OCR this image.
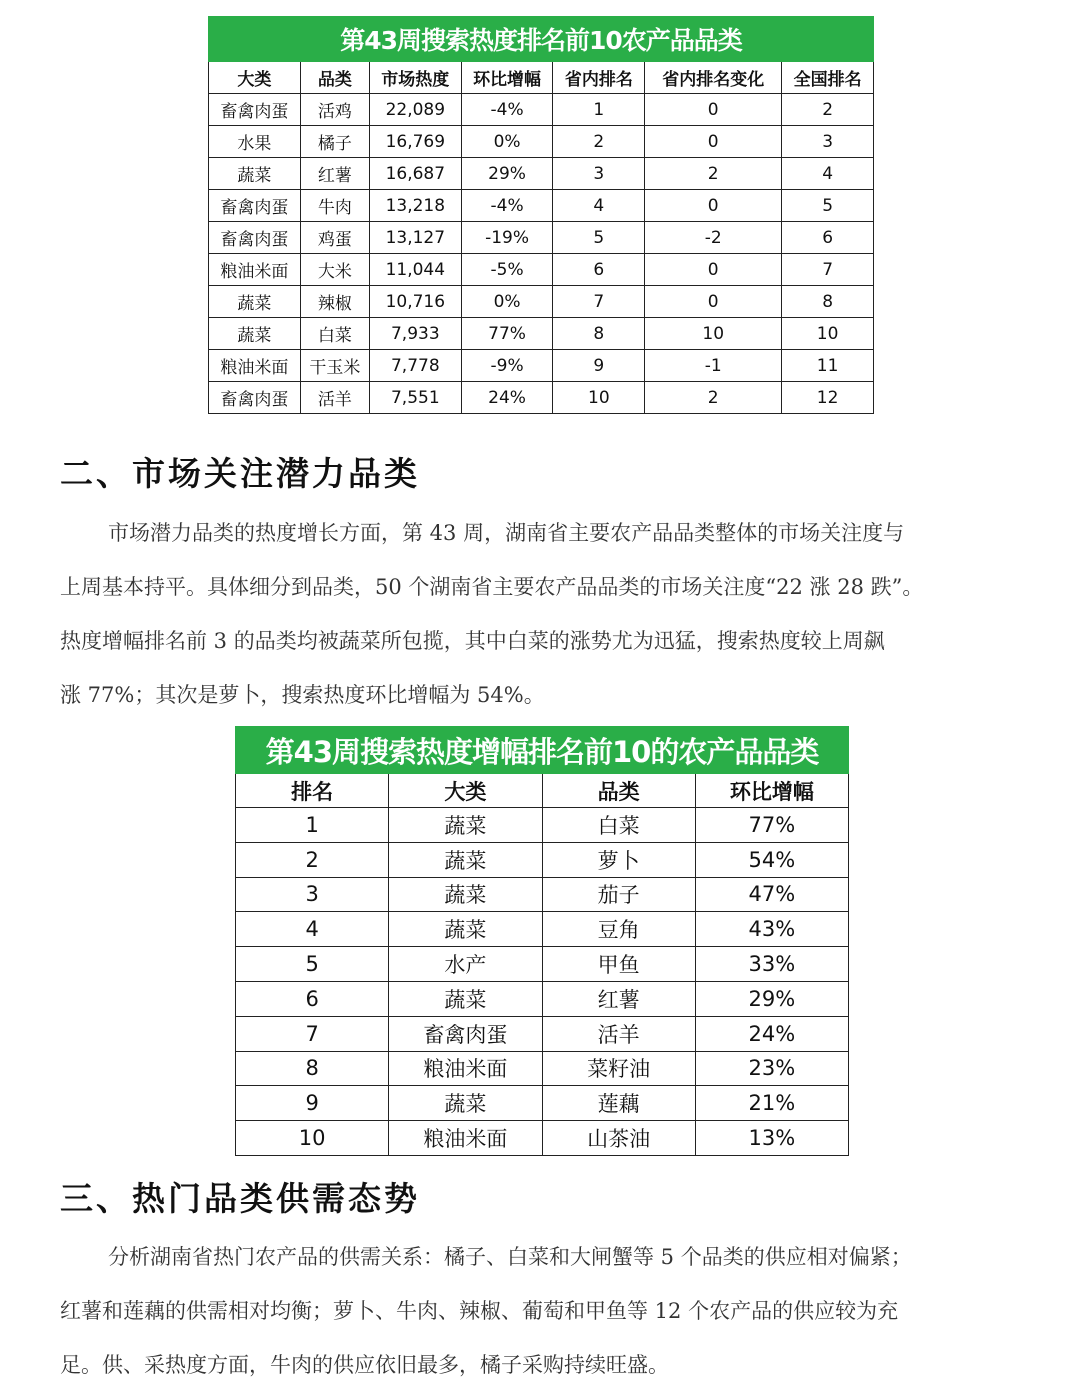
第43周搜索热度排名前10农产品品类						
大类	品类	市场热度	环比增幅	省内排名	省内排名变化	全国排名
畜禽肉蛋	活鸡	22,089	-4%	1	0	2
水果	橘子	16,769	0%	2	0	3
蔬菜	红薯	16,687	29%	3	2	4
畜禽肉蛋	牛肉	13,218	-4%	4	0	5
畜禽肉蛋	鸡蛋	13,127	-19%	5	-2	6
粮油米面	大米	11,044	-5%	6	0	7
蔬菜	辣椒	10,716	0%	7	0	8
蔬菜	白菜	7,933	77%	8	10	10
粮油米面	干玉米	7,778	-9%	9	-1	11
畜禽肉蛋	活羊	7,551	24%	10	2	12
二、市场关注潜力品类
市场潜力品类的热度增长方面，第 43 周，湖南省主要农产品品类整体的市场关注度与
上周基本持平。具体细分到品类，50 个湖南省主要农产品品类的市场关注度“22 涨 28 跌”。
热度增幅排名前 3 的品类均被蔬菜所包揽，其中白菜的涨势尤为迅猛，搜索热度较上周飙
涨 77%；其次是萝卜，搜索热度环比增幅为 54%。
第43周搜索热度增幅排名前10的农产品品类			
排名	大类	品类	环比增幅
1	蔬菜	白菜	77%
2	蔬菜	萝卜	54%
3	蔬菜	茄子	47%
4	蔬菜	豆角	43%
5	水产	甲鱼	33%
6	蔬菜	红薯	29%
7	畜禽肉蛋	活羊	24%
8	粮油米面	菜籽油	23%
9	蔬菜	莲藕	21%
10	粮油米面	山茶油	13%
三、热门品类供需态势
分析湖南省热门农产品的供需关系：橘子、白菜和大闸蟹等 5 个品类的供应相对偏紧；
红薯和莲藕的供需相对均衡；萝卜、牛肉、辣椒、葡萄和甲鱼等 12 个农产品的供应较为充
足。供、采热度方面，牛肉的供应依旧最多，橘子采购持续旺盛。
